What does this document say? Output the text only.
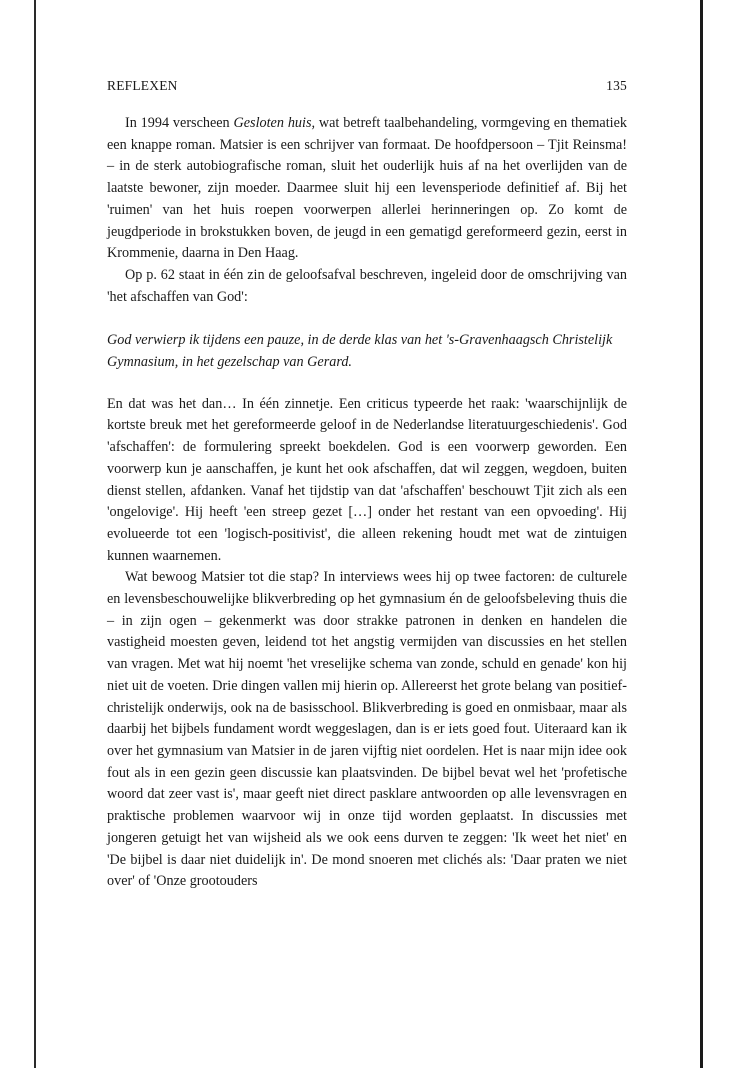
REFLEXEN	135

In 1994 verscheen Gesloten huis, wat betreft taalbehandeling, vormgeving en thematiek een knappe roman. Matsier is een schrijver van formaat. De hoofdpersoon – Tjit Reinsma! – in de sterk autobiografische roman, sluit het ouderlijk huis af na het overlijden van de laatste bewoner, zijn moeder. Daarmee sluit hij een levensperiode definitief af. Bij het 'ruimen' van het huis roepen voorwerpen allerlei herinneringen op. Zo komt de jeugdperiode in brokstukken boven, de jeugd in een gematigd gereformeerd gezin, eerst in Krommenie, daarna in Den Haag.

Op p. 62 staat in één zin de geloofsafval beschreven, ingeleid door de omschrijving van 'het afschaffen van God':

God verwierp ik tijdens een pauze, in de derde klas van het 's-Gravenhaagsch Christelijk Gymnasium, in het gezelschap van Gerard.

En dat was het dan… In één zinnetje. Een criticus typeerde het raak: 'waarschijnlijk de kortste breuk met het gereformeerde geloof in de Nederlandse literatuurgeschiedenis'. God 'afschaffen': de formulering spreekt boekdelen. God is een voorwerp geworden. Een voorwerp kun je aanschaffen, je kunt het ook afschaffen, dat wil zeggen, wegdoen, buiten dienst stellen, afdanken. Vanaf het tijdstip van dat 'afschaffen' beschouwt Tjit zich als een 'ongelovige'. Hij heeft 'een streep gezet […] onder het restant van een opvoeding'. Hij evolueerde tot een 'logisch-positivist', die alleen rekening houdt met wat de zintuigen kunnen waarnemen.

Wat bewoog Matsier tot die stap? In interviews wees hij op twee factoren: de culturele en levensbeschouwelijke blikverbreding op het gymnasium én de geloofsbeleving thuis die – in zijn ogen – gekenmerkt was door strakke patronen in denken en handelen die vastigheid moesten geven, leidend tot het angstig vermijden van discussies en het stellen van vragen. Met wat hij noemt 'het vreselijke schema van zonde, schuld en genade' kon hij niet uit de voeten. Drie dingen vallen mij hierin op. Allereerst het grote belang van positief-christelijk onderwijs, ook na de basisschool. Blikverbreding is goed en onmisbaar, maar als daarbij het bijbels fundament wordt weggeslagen, dan is er iets goed fout. Uiteraard kan ik over het gymnasium van Matsier in de jaren vijftig niet oordelen. Het is naar mijn idee ook fout als in een gezin geen discussie kan plaatsvinden. De bijbel bevat wel het 'profetische woord dat zeer vast is', maar geeft niet direct pasklare antwoorden op alle levensvragen en praktische problemen waarvoor wij in onze tijd worden geplaatst. In discussies met jongeren getuigt het van wijsheid als we ook eens durven te zeggen: 'Ik weet het niet' en 'De bijbel is daar niet duidelijk in'. De mond snoeren met clichés als: 'Daar praten we niet over' of 'Onze grootouders
